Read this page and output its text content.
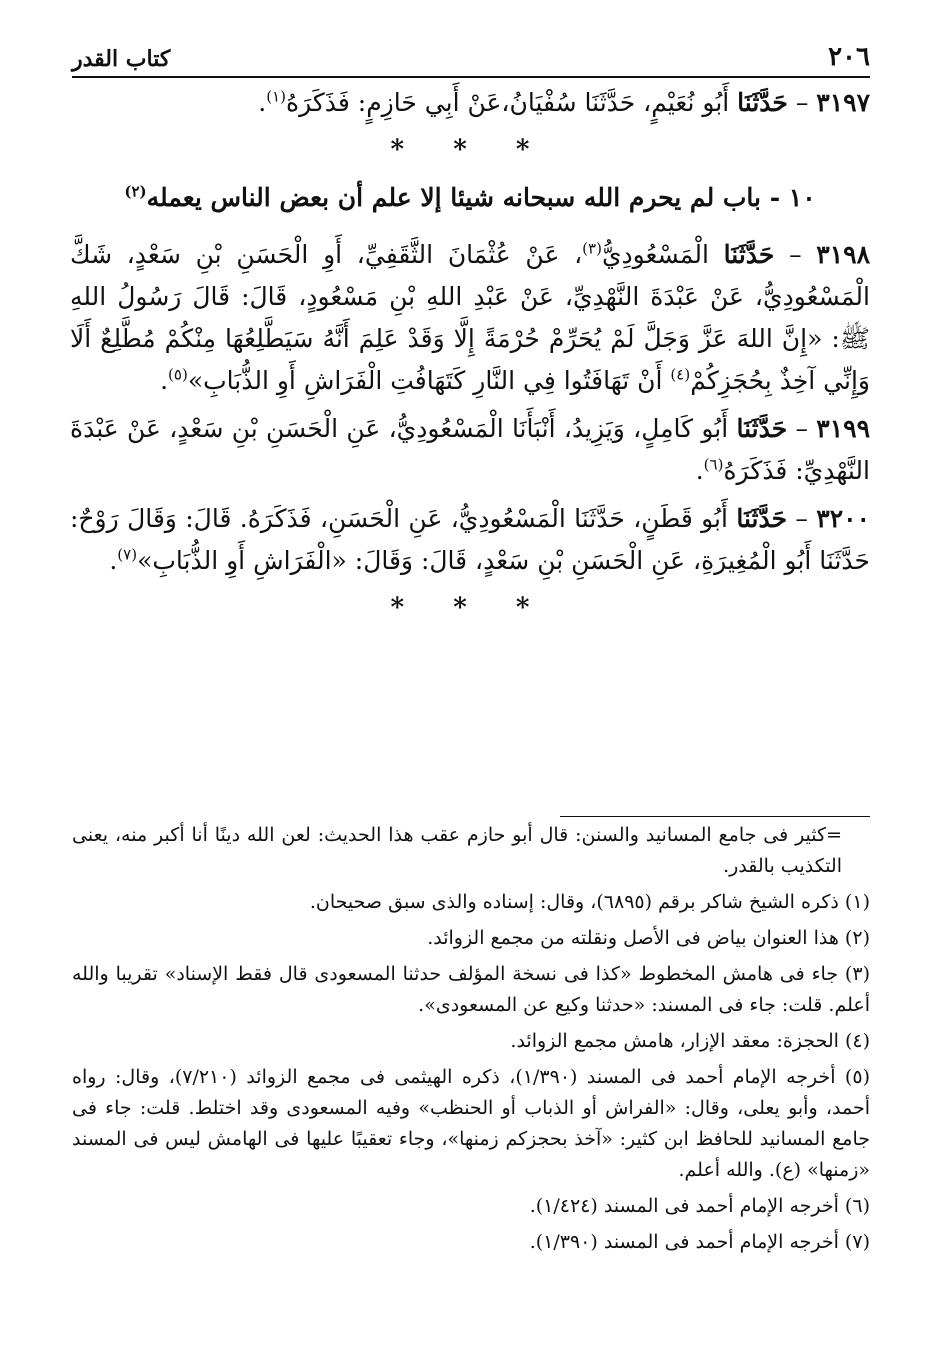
٢٠٦
كتاب القدر

٣١٩٧ – حَدَّثَنَا أَبُو نُعَيْمٍ، حَدَّثَنَا سُفْيَانُ،عَنْ أَبِي حَازِمٍ: فَذَكَرَهُ$^{(١)}$.

* * *
١٠ - باب لم يحرم الله سبحانه شيئا إلا علم أن بعض الناس يعمله$^{(٢)}$

٣١٩٨ – حَدَّثَنَا الْمَسْعُودِيُّ$^{(٣)}$، عَنْ عُثْمَانَ الثَّقَفِيِّ، أَوِ الْحَسَنِ بْنِ سَعْدٍ، شَكَّ الْمَسْعُودِيُّ، عَنْ عَبْدَةَ النَّهْدِيِّ، عَنْ عَبْدِ اللهِ بْنِ مَسْعُودٍ، قَالَ: قَالَ رَسُولُ اللهِ ﷺ: «إِنَّ اللهَ عَزَّ وَجَلَّ لَمْ يُحَرِّمْ حُرْمَةً إِلَّا وَقَدْ عَلِمَ أَنَّهُ سَيَطَّلِعُهَا مِنْكُمْ مُطَّلِعٌ أَلَا وَإِنِّي آخِذٌ بِحُجَزِكُمْ$^{(٤)}$ أَنْ تَهَافَتُوا فِي النَّارِ كَتَهَافُتِ الْفَرَاشِ أَوِ الذُّبَابِ»$^{(٥)}$.

٣١٩٩ – حَدَّثَنَا أَبُو كَامِلٍ، وَيَزِيدُ، أَنْبَأَنَا الْمَسْعُودِيُّ، عَنِ الْحَسَنِ بْنِ سَعْدٍ، عَنْ عَبْدَةَ النَّهْدِيِّ: فَذَكَرَهُ$^{(٦)}$.

٣٢٠٠ – حَدَّثَنَا أَبُو قَطَنٍ، حَدَّثَنَا الْمَسْعُودِيُّ، عَنِ الْحَسَنِ، فَذَكَرَهُ. قَالَ: وَقَالَ رَوْحٌ: حَدَّثَنَا أَبُو الْمُغِيرَةِ، عَنِ الْحَسَنِ بْنِ سَعْدٍ، قَالَ: وَقَالَ: «الْفَرَاشِ أَوِ الذُّبَابِ»$^{(٧)}$.

* * *

=كثير فى جامع المسانيد والسنن: قال أبو حازم عقب هذا الحديث: لعن الله دينًا أنا أكبر منه، يعنى التكذيب بالقدر.

(١) ذكره الشيخ شاكر برقم (٦٨٩٥)، وقال: إسناده والذى سبق صحيحان.

(٢) هذا العنوان بياض فى الأصل ونقلته من مجمع الزوائد.

(٣) جاء فى هامش المخطوط «كذا فى نسخة المؤلف حدثنا المسعودى قال فقط الإسناد» تقريبا والله أعلم. قلت: جاء فى المسند: «حدثنا وكيع عن المسعودى».

(٤) الحجزة: معقد الإزار، هامش مجمع الزوائد.

(٥) أخرجه الإمام أحمد فى المسند (١/٣٩٠)، ذكره الهيثمى فى مجمع الزوائد (٧/٢١٠)، وقال: رواه أحمد، وأبو يعلى، وقال: «الفراش أو الذباب أو الحنظب» وفيه المسعودى وقد اختلط. قلت: جاء فى جامع المسانيد للحافظ ابن كثير: «آخذ بحجزكم زمنها»، وجاء تعقيبًا عليها فى الهامش ليس فى المسند «زمنها» (ع). والله أعلم.

(٦) أخرجه الإمام أحمد فى المسند (١/٤٢٤).

(٧) أخرجه الإمام أحمد فى المسند (١/٣٩٠).
